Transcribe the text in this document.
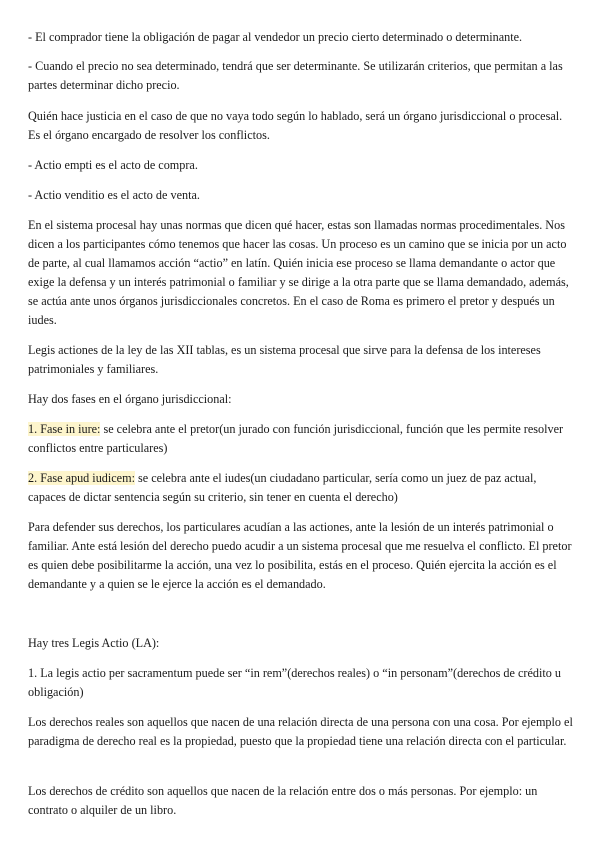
- El comprador tiene la obligación de pagar al vendedor un precio cierto determinado o determinante.

- Cuando el precio no sea determinado, tendrá que ser determinante. Se utilizarán criterios, que permitan a las partes determinar dicho precio.

Quién hace justicia en el caso de que no vaya todo según lo hablado, será un órgano jurisdiccional o procesal. Es el órgano encargado de resolver los conflictos.

- Actio empti es el acto de compra.

- Actio venditio es el acto de venta.

En el sistema procesal hay unas normas que dicen qué hacer, estas son llamadas normas procedimentales. Nos dicen a los participantes cómo tenemos que hacer las cosas. Un proceso es un camino que se inicia por un acto de parte, al cual llamamos acción “actio” en latín. Quién inicia ese proceso se llama demandante o actor que exige la defensa y un interés patrimonial o familiar y se dirige a la otra parte que se llama demandado, además, se actúa ante unos órganos jurisdiccionales concretos. En el caso de Roma es primero el pretor y después un iudes.

Legis actiones de la ley de las XII tablas, es un sistema procesal que sirve para la defensa de los intereses patrimoniales y familiares.

Hay dos fases en el órgano jurisdiccional:

1. Fase in iure: se celebra ante el pretor(un jurado con función jurisdiccional, función que les permite resolver conflictos entre particulares)

2. Fase apud iudicem: se celebra ante el iudes(un ciudadano particular, sería como un juez de paz actual, capaces de dictar sentencia según su criterio, sin tener en cuenta el derecho)

Para defender sus derechos, los particulares acudían a las actiones, ante la lesión de un interés patrimonial o familiar. Ante está lesión del derecho puedo acudir a un sistema procesal que me resuelva el conflicto. El pretor es quien debe posibilitarme la acción, una vez lo posibilita, estás en el proceso. Quién ejercita la acción es el demandante y a quien se le ejerce la acción es el demandado.

Hay tres Legis Actio (LA):

1. La legis actio per sacramentum puede ser “in rem”(derechos reales) o “in personam”(derechos de crédito u obligación)

Los derechos reales son aquellos que nacen de una relación directa de una persona con una cosa. Por ejemplo el paradigma de derecho real es la propiedad, puesto que la propiedad tiene una relación directa con el particular.

Los derechos de crédito son aquellos que nacen de la relación entre dos o más personas. Por ejemplo: un contrato o alquiler de un libro.
